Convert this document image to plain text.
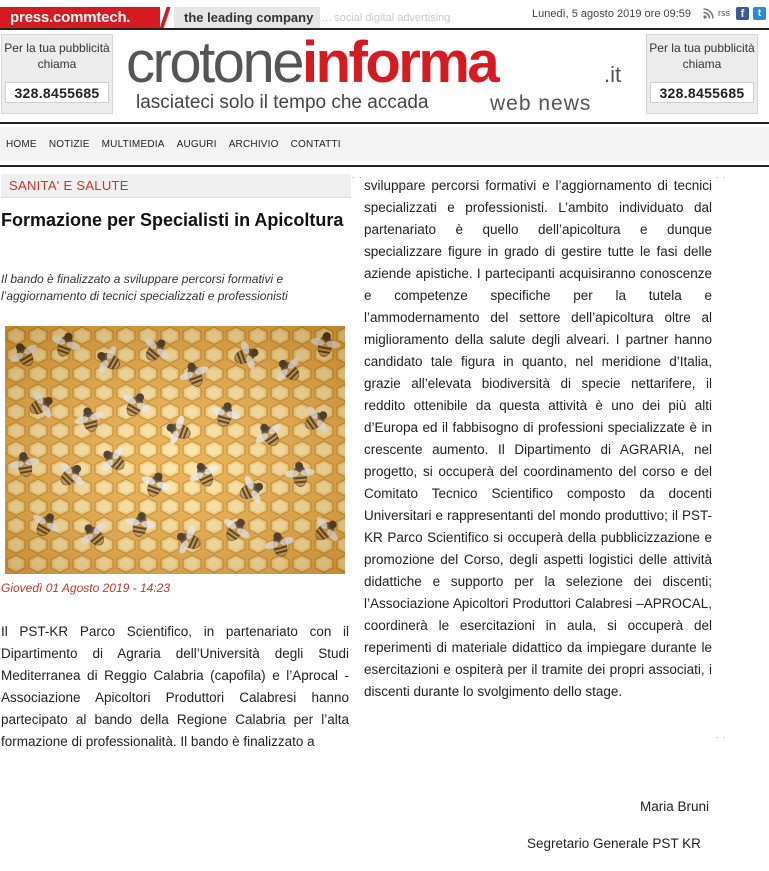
press.commtech.	the leading company ... social digital advertising	Lunedì, 5 agosto 2019 ore 09:59	rss f	t
Per la tua pubblicità chiama
328.8455685 crotoneinforma	.it
lasciateci solo il tempo che accada	web news
Per la tua pubblicità chiama
328.8455685
HOME NOTIZIE MULTIMEDIA AUGURI ARCHIVIO CONTATTI
SANITA' E SALUTE
Formazione per Specialisti in Apicoltura

Il bando è finalizzato a sviluppare percorsi formativi e l’aggiornamento di tecnici specializzati e professionisti

Giovedì 01 Agosto 2019 - 14:23

Il PST-KR Parco Scientifico, in partenariato con il Dipartimento di Agraria dell’Università degli Studi Mediterranea di Reggio Calabria (capofila) e l’Aprocal - Associazione Apicoltori Produttori Calabresi hanno partecipato al bando della Regione Calabria per l’alta formazione di professionalità. Il bando è finalizzato a

sviluppare percorsi formativi e l’aggiornamento di tecnici specializzati e professionisti. L’ambito individuato dal partenariato è quello dell’apicoltura e dunque specializzare figure in grado di gestire tutte le fasi delle aziende apistiche. I partecipanti acquisiranno conoscenze e competenze specifiche per la tutela e l’ammodernamento del settore dell’apicoltura oltre al miglioramento della salute degli alveari. I partner hanno candidato tale figura in quanto, nel meridione d’Italia, grazie all’elevata biodiversità di specie nettarifere, il reddito ottenibile da questa attività è uno dei più alti d’Europa ed il fabbisogno di professioni specializzate è in crescente aumento. Il Dipartimento di AGRARIA, nel progetto, si occuperà del coordinamento del corso e del Comitato Tecnico Scientifico composto da docenti Universitari e rappresentanti del mondo produttivo; il PST-KR Parco Scientifico si occuperà della pubblicizzazione e promozione del Corso, degli aspetti logistici delle attività didattiche e supporto per la selezione dei discenti; l’Associazione Apicoltori Produttori Calabresi –APROCAL, coordinerà le esercitazioni in aula, si occuperà del reperimenti di materiale didattico da impiegare durante le esercitazioni e ospiterà per il tramite dei propri associati, i discenti durante lo svolgimento dello stage.

. .	. .
. .
Maria Bruni
Segretario Generale PST KR
